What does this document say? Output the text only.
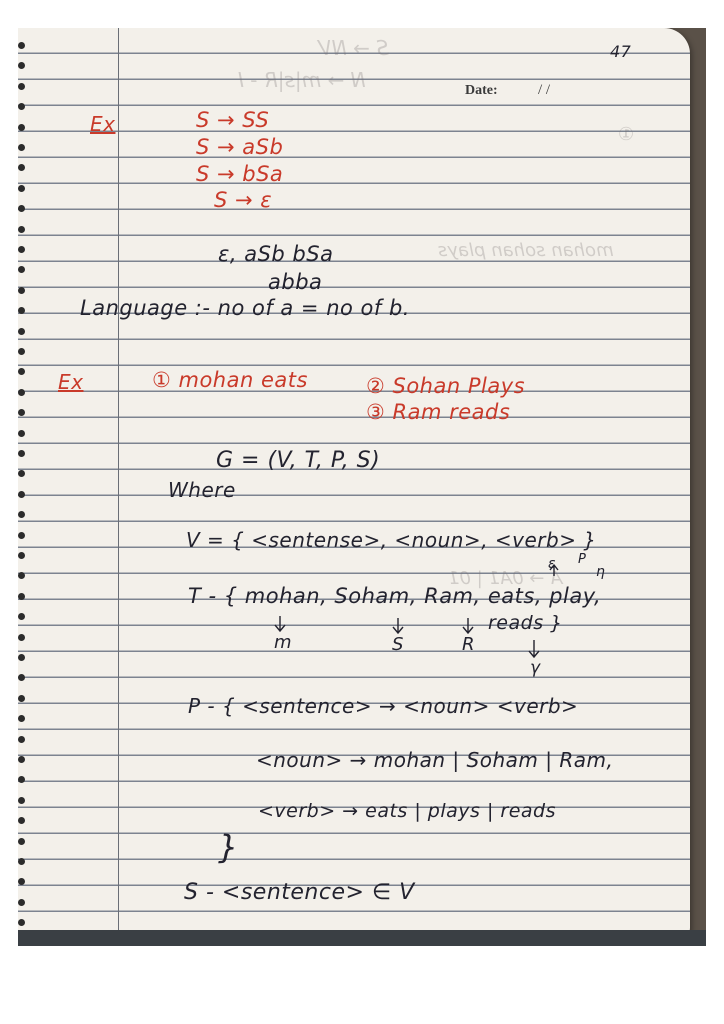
S → NV
N → m|s|R - I
①
mohan sohan plays
A → 0A1 | 01
47
Date:	/ /
Ex	S → SS
S → aSb
S → bSa
S → ε
ε, aSb bSa
abba
Language :- no of a = no of b.
Ex	① mohan eats	② Sohan Plays
③ Ram reads
G = (V, T, P, S)
Where
V = { <sentense>, <noun>, <verb> }
ε P
η
T - { mohan, Soham, Ram, eats, play,
reads }
m	S	R
γ
P - { <sentence> → <noun> <verb>
<noun> → mohan | Soham | Ram,
<verb> → eats | plays | reads
}
S - <sentence> ∈ V
